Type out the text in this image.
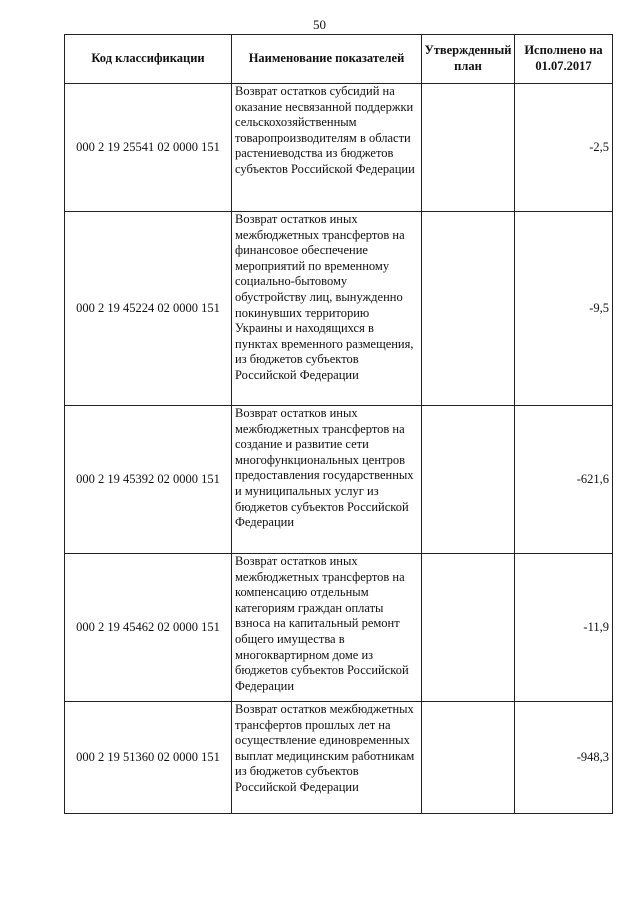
50
Код классификации	Наименование показателей	Утвержденный план	Исполнено на 01.07.2017
000 2 19 25541 02 0000 151	Возврат остатков субсидий на оказание несвязанной поддержки сельскохозяйственным товаропроизводителям в области растениеводства из бюджетов субъектов Российской Федерации		-2,5
000 2 19 45224 02 0000 151	Возврат остатков иных межбюджетных трансфертов на финансовое обеспечение мероприятий по временному социально-бытовому обустройству лиц, вынужденно покинувших территорию Украины и находящихся в пунктах временного размещения, из бюджетов субъектов Российской Федерации		-9,5
000 2 19 45392 02 0000 151	Возврат остатков иных межбюджетных трансфертов на создание и развитие сети многофункциональных центров предоставления государственных и муниципальных услуг из бюджетов субъектов Российской Федерации		-621,6
000 2 19 45462 02 0000 151	Возврат остатков иных межбюджетных трансфертов на компенсацию отдельным категориям граждан оплаты взноса на капитальный ремонт общего имущества в многоквартирном доме из бюджетов субъектов Российской Федерации		-11,9
000 2 19 51360 02 0000 151	Возврат остатков межбюджетных трансфертов прошлых лет на осуществление единовременных выплат медицинским работникам из бюджетов субъектов Российской Федерации		-948,3
